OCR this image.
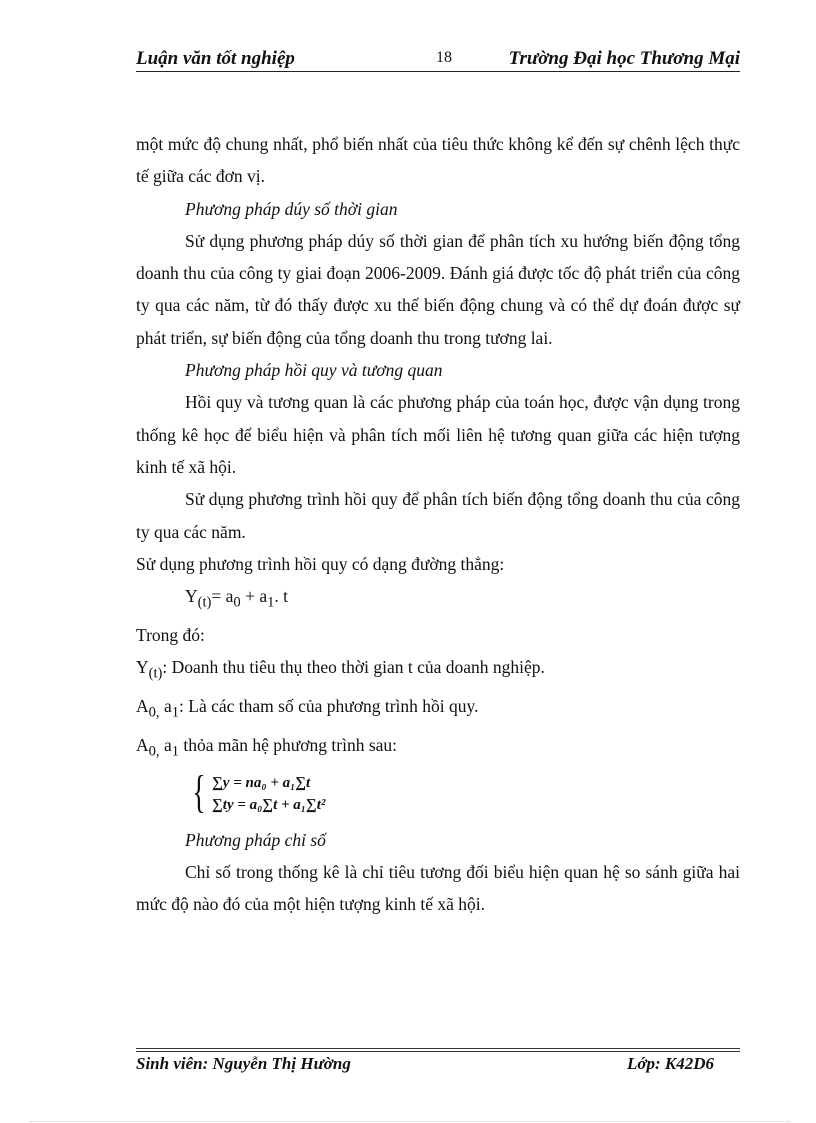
Luận văn tốt nghiệp	18	Trường Đại học Thương Mại

một mức độ chung nhất, phổ biến nhất của tiêu thức không kể đến sự chênh lệch thực tế giữa các đơn vị.

Phương pháp dúy số thời gian

Sử dụng phương pháp dúy số thời gian để phân tích xu hướng biến động tổng doanh thu của công ty giai đoạn 2006-2009. Đánh giá được tốc độ phát triển của công ty qua các năm, từ đó thấy được xu thế biến động chung và có thể dự đoán được sự phát triển, sự biến động của tổng doanh thu trong tương lai.

Phương pháp hồi quy và tương quan

Hồi quy và tương quan là các phương pháp của toán học, được vận dụng trong thống kê học để biểu hiện và phân tích mối liên hệ tương quan giữa các hiện tượng kinh tế xã hội.

Sử dụng phương trình hồi quy để phân tích biến động tổng doanh thu của công ty qua các năm.

Sử dụng phương trình hồi quy có dạng đường thẳng:

$Y_{(t)}= a_0 + a_1$. t

Trong đó:

$Y_{(t)}$: Doanh thu tiêu thụ theo thời gian t của doanh nghiệp.

$A_{0,}$ $a_1$: Là các tham số của phương trình hồi quy.

$A_{0,}$ $a_1$ thỏa mãn hệ phương trình sau:

{ ∑y = na₀ + a₁∑t
∑ty = a₀∑t + a₁∑t²

Phương pháp chỉ số

Chỉ số trong thống kê là chỉ tiêu tương đối biểu hiện quan hệ so sánh giữa hai mức độ nào đó của một hiện tượng kinh tế xã hội.

Sinh viên: Nguyễn Thị Hường	Lớp: K42D6
